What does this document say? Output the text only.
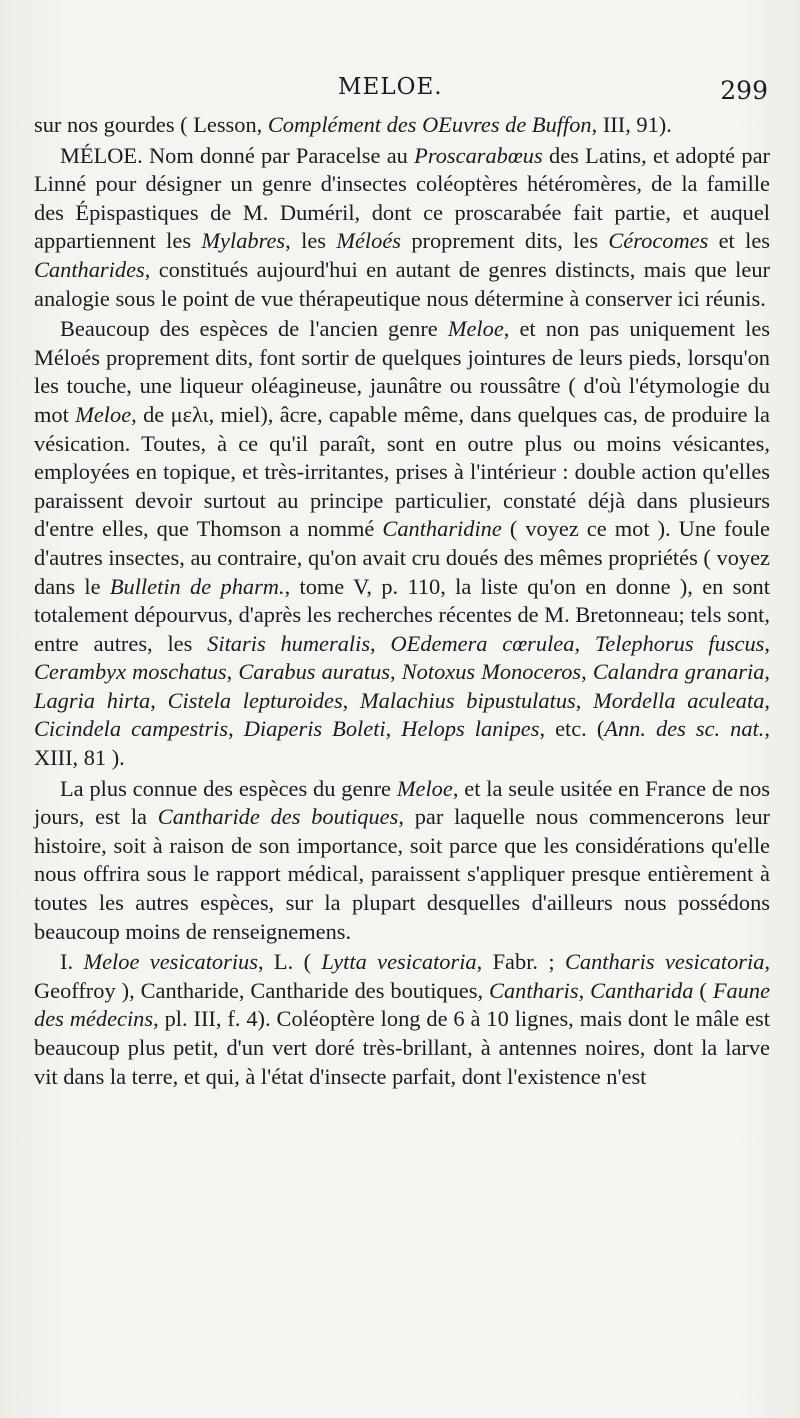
MELOE.	299

sur nos gourdes ( Lesson, Complément des OEuvres de Buffon, III, 91).

MÉLOE. Nom donné par Paracelse au Proscarabœus des Latins, et adopté par Linné pour désigner un genre d'insectes coléoptères hétéromères, de la famille des Épispastiques de M. Duméril, dont ce proscarabée fait partie, et auquel appartiennent les Mylabres, les Méloés proprement dits, les Cérocomes et les Cantharides, constitués aujourd'hui en autant de genres distincts, mais que leur analogie sous le point de vue thérapeutique nous détermine à conserver ici réunis.

Beaucoup des espèces de l'ancien genre Meloe, et non pas uniquement les Méloés proprement dits, font sortir de quelques jointures de leurs pieds, lorsqu'on les touche, une liqueur oléagineuse, jaunâtre ou roussâtre ( d'où l'étymologie du mot Meloe, de μελι, miel), âcre, capable même, dans quelques cas, de produire la vésication. Toutes, à ce qu'il paraît, sont en outre plus ou moins vésicantes, employées en topique, et très-irritantes, prises à l'intérieur : double action qu'elles paraissent devoir surtout au principe particulier, constaté déjà dans plusieurs d'entre elles, que Thomson a nommé Cantharidine ( voyez ce mot ). Une foule d'autres insectes, au contraire, qu'on avait cru doués des mêmes propriétés ( voyez dans le Bulletin de pharm., tome V, p. 110, la liste qu'on en donne ), en sont totalement dépourvus, d'après les recherches récentes de M. Bretonneau; tels sont, entre autres, les Sitaris humeralis, OEdemera cœrulea, Telephorus fuscus, Cerambyx moschatus, Carabus auratus, Notoxus Monoceros, Calandra granaria, Lagria hirta, Cistela lepturoides, Malachius bipustulatus, Mordella aculeata, Cicindela campestris, Diaperis Boleti, Helops lanipes, etc. (Ann. des sc. nat., XIII, 81 ).

La plus connue des espèces du genre Meloe, et la seule usitée en France de nos jours, est la Cantharide des boutiques, par laquelle nous commencerons leur histoire, soit à raison de son importance, soit parce que les considérations qu'elle nous offrira sous le rapport médical, paraissent s'appliquer presque entièrement à toutes les autres espèces, sur la plupart desquelles d'ailleurs nous possédons beaucoup moins de renseignemens.

I. Meloe vesicatorius, L. ( Lytta vesicatoria, Fabr. ; Cantharis vesicatoria, Geoffroy ), Cantharide, Cantharide des boutiques, Cantharis, Cantharida ( Faune des médecins, pl. III, f. 4). Coléoptère long de 6 à 10 lignes, mais dont le mâle est beaucoup plus petit, d'un vert doré très-brillant, à antennes noires, dont la larve vit dans la terre, et qui, à l'état d'insecte parfait, dont l'existence n'est
